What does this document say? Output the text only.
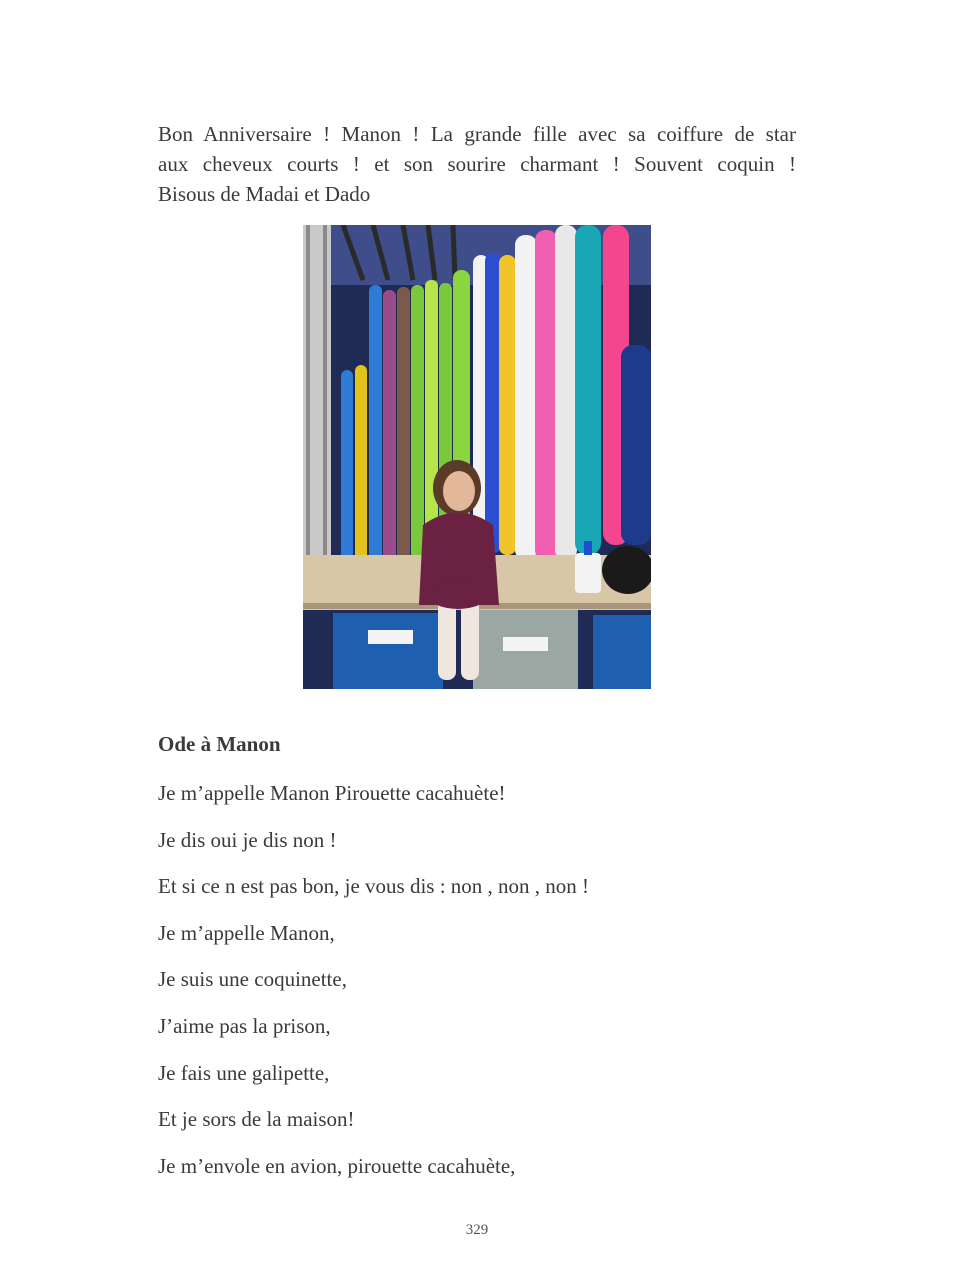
Bon Anniversaire ! Manon ! La grande fille avec sa coiffure de star
aux cheveux courts ! et son sourire charmant ! Souvent coquin !
Bisous de Madai et Dado

Ode à Manon
Je m’appelle Manon Pirouette cacahuète!
Je dis oui je dis non !
Et si ce n est pas bon, je vous dis : non , non , non !
Je m’appelle Manon,
Je suis une coquinette,
J’aime pas la prison,
Je fais une galipette,
Et je sors de la maison!
Je m’envole en avion, pirouette cacahuète,
329
